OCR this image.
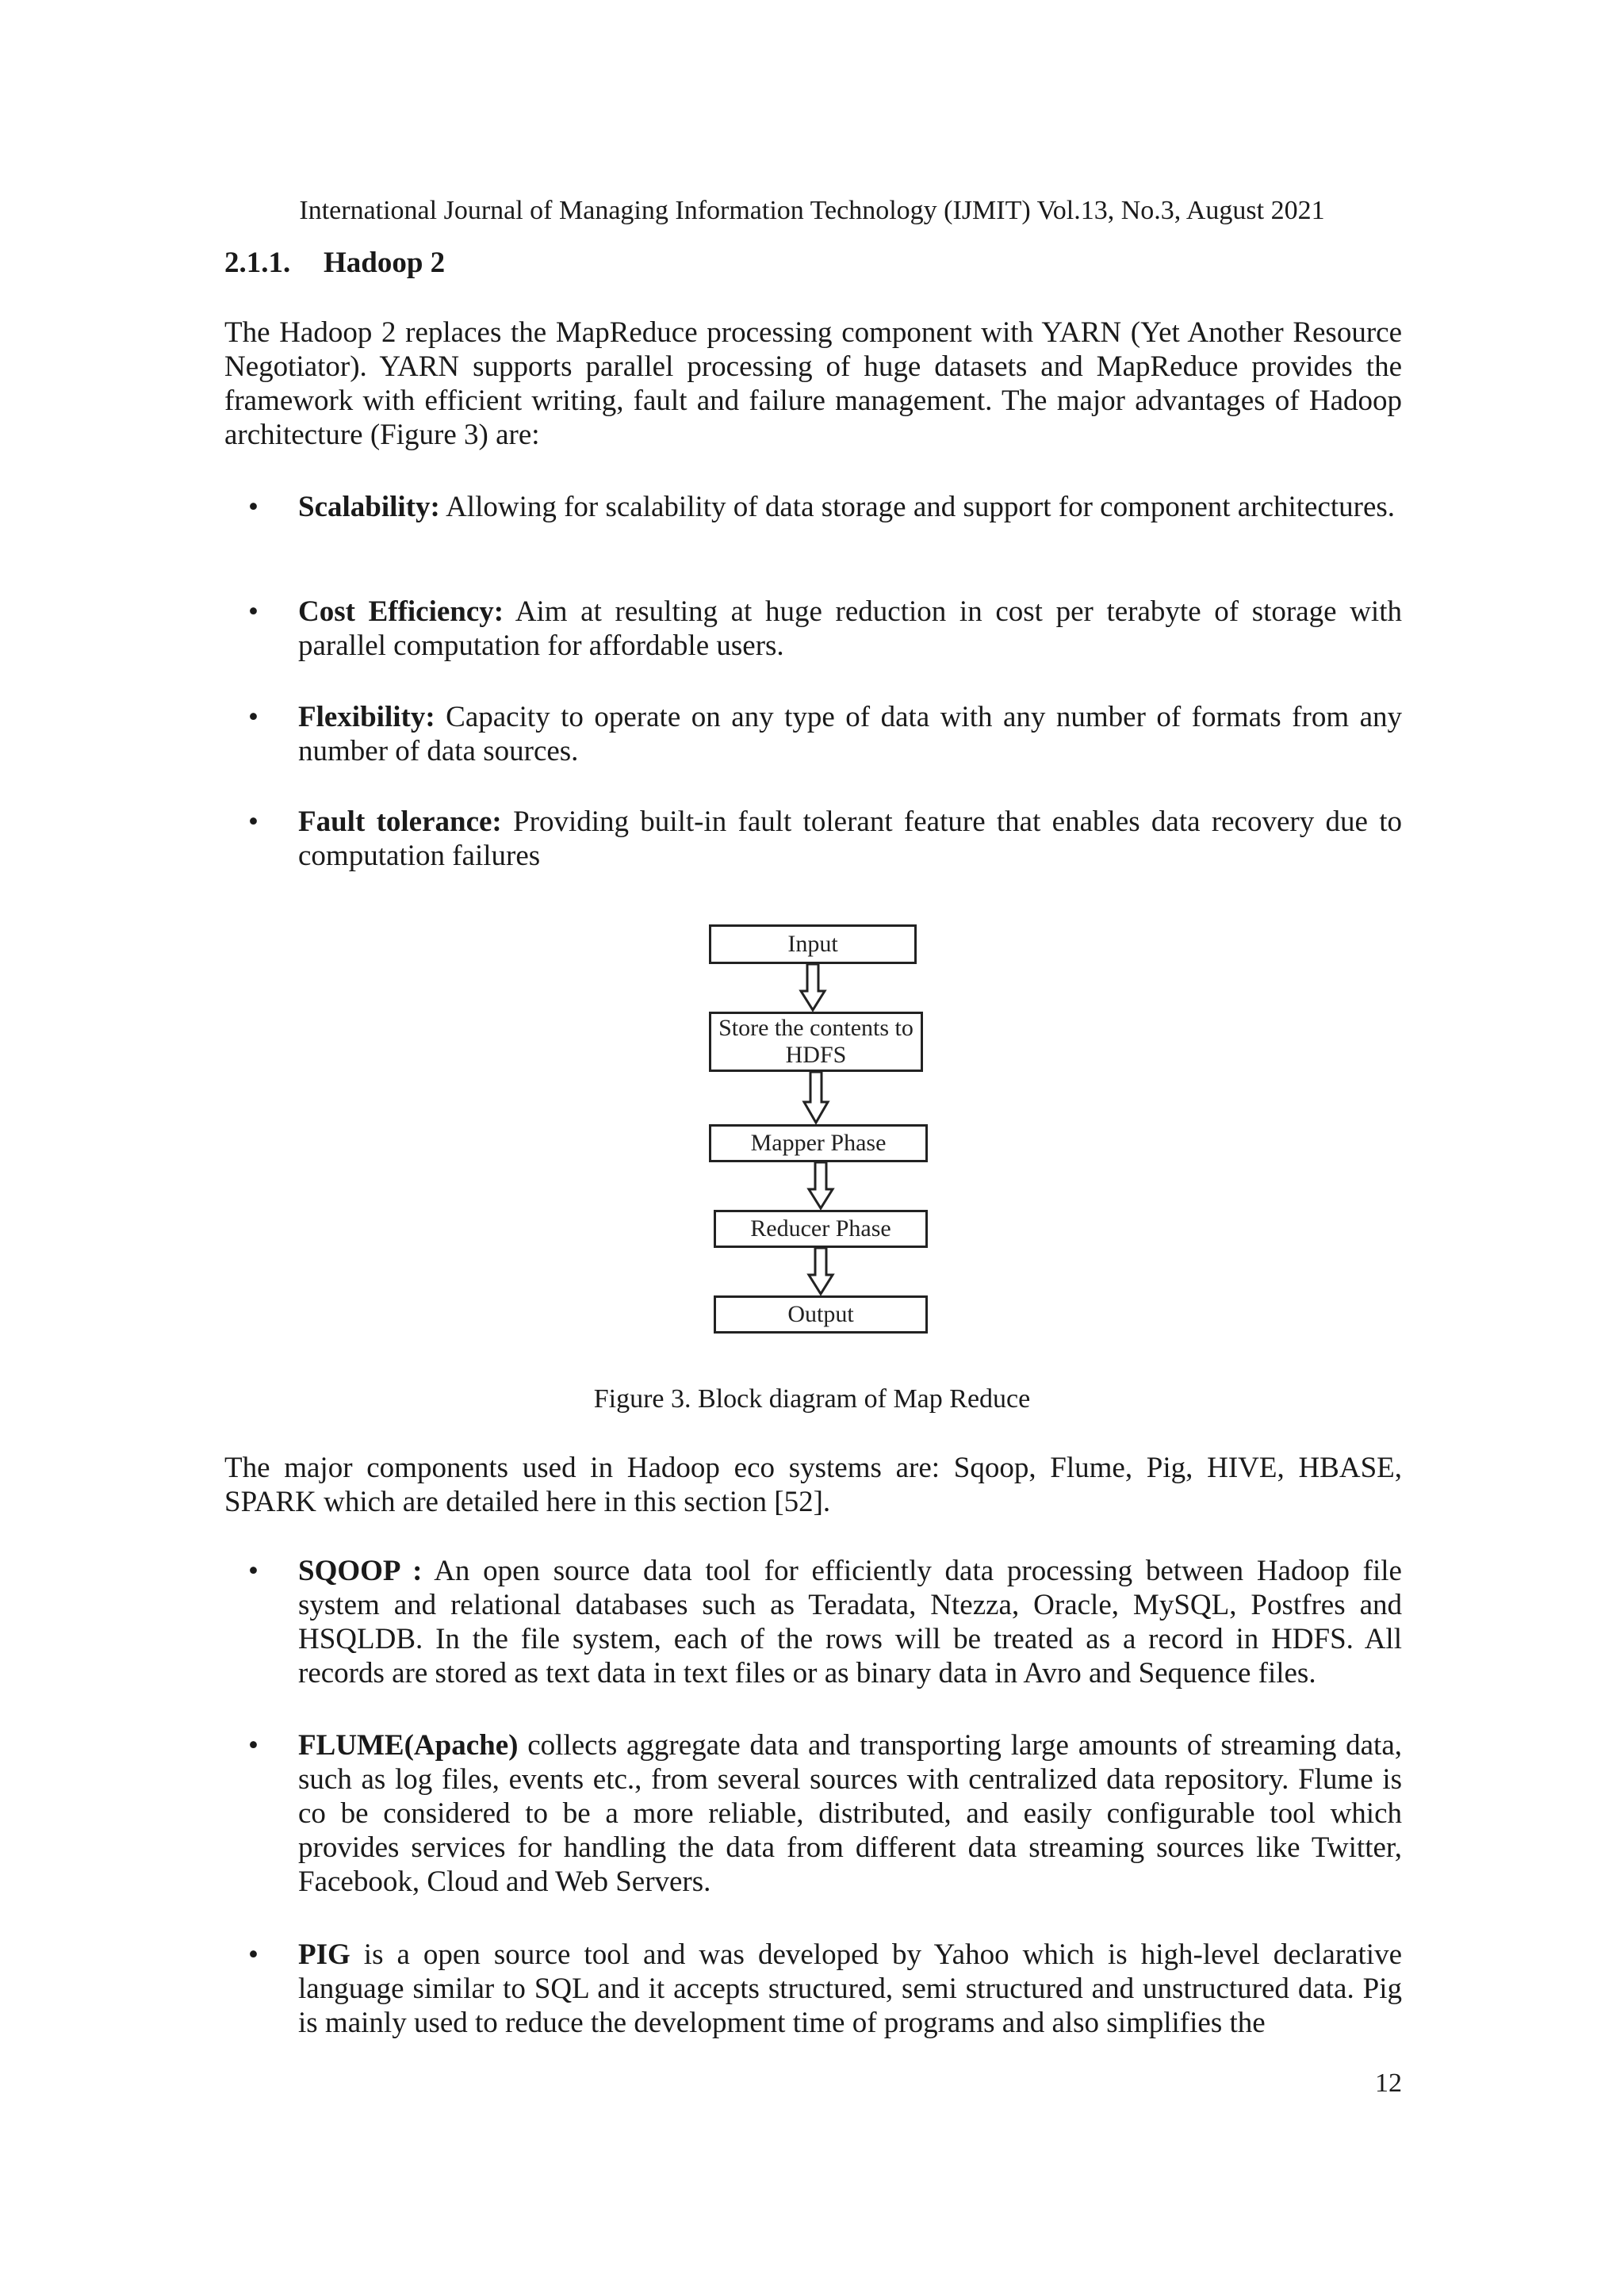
International Journal of Managing Information Technology (IJMIT) Vol.13, No.3, August 2021
2.1.1. Hadoop 2

The Hadoop 2 replaces the MapReduce processing component with YARN (Yet Another Resource Negotiator). YARN supports parallel processing of huge datasets and MapReduce provides the framework with efficient writing, fault and failure management. The major advantages of Hadoop architecture (Figure 3) are:

• Scalability: Allowing for scalability of data storage and support for component architectures.
• Cost Efficiency: Aim at resulting at huge reduction in cost per terabyte of storage with parallel computation for affordable users.
• Flexibility: Capacity to operate on any type of data with any number of formats from any number of data sources.
• Fault tolerance: Providing built-in fault tolerant feature that enables data recovery due to computation failures
Input
Store the contents to HDFS
Mapper Phase
Reducer Phase
Output
Figure 3. Block diagram of Map Reduce

The major components used in Hadoop eco systems are: Sqoop, Flume, Pig, HIVE, HBASE, SPARK which are detailed here in this section [52].

• SQOOP : An open source data tool for efficiently data processing between Hadoop file system and relational databases such as Teradata, Ntezza, Oracle, MySQL, Postfres and HSQLDB. In the file system, each of the rows will be treated as a record in HDFS. All records are stored as text data in text files or as binary data in Avro and Sequence files.
• FLUME(Apache) collects aggregate data and transporting large amounts of streaming data, such as log files, events etc., from several sources with centralized data repository. Flume is co be considered to be a more reliable, distributed, and easily configurable tool which provides services for handling the data from different data streaming sources like Twitter, Facebook, Cloud and Web Servers.
• PIG is a open source tool and was developed by Yahoo which is high-level declarative language similar to SQL and it accepts structured, semi structured and unstructured data. Pig is mainly used to reduce the development time of programs and also simplifies the
12
